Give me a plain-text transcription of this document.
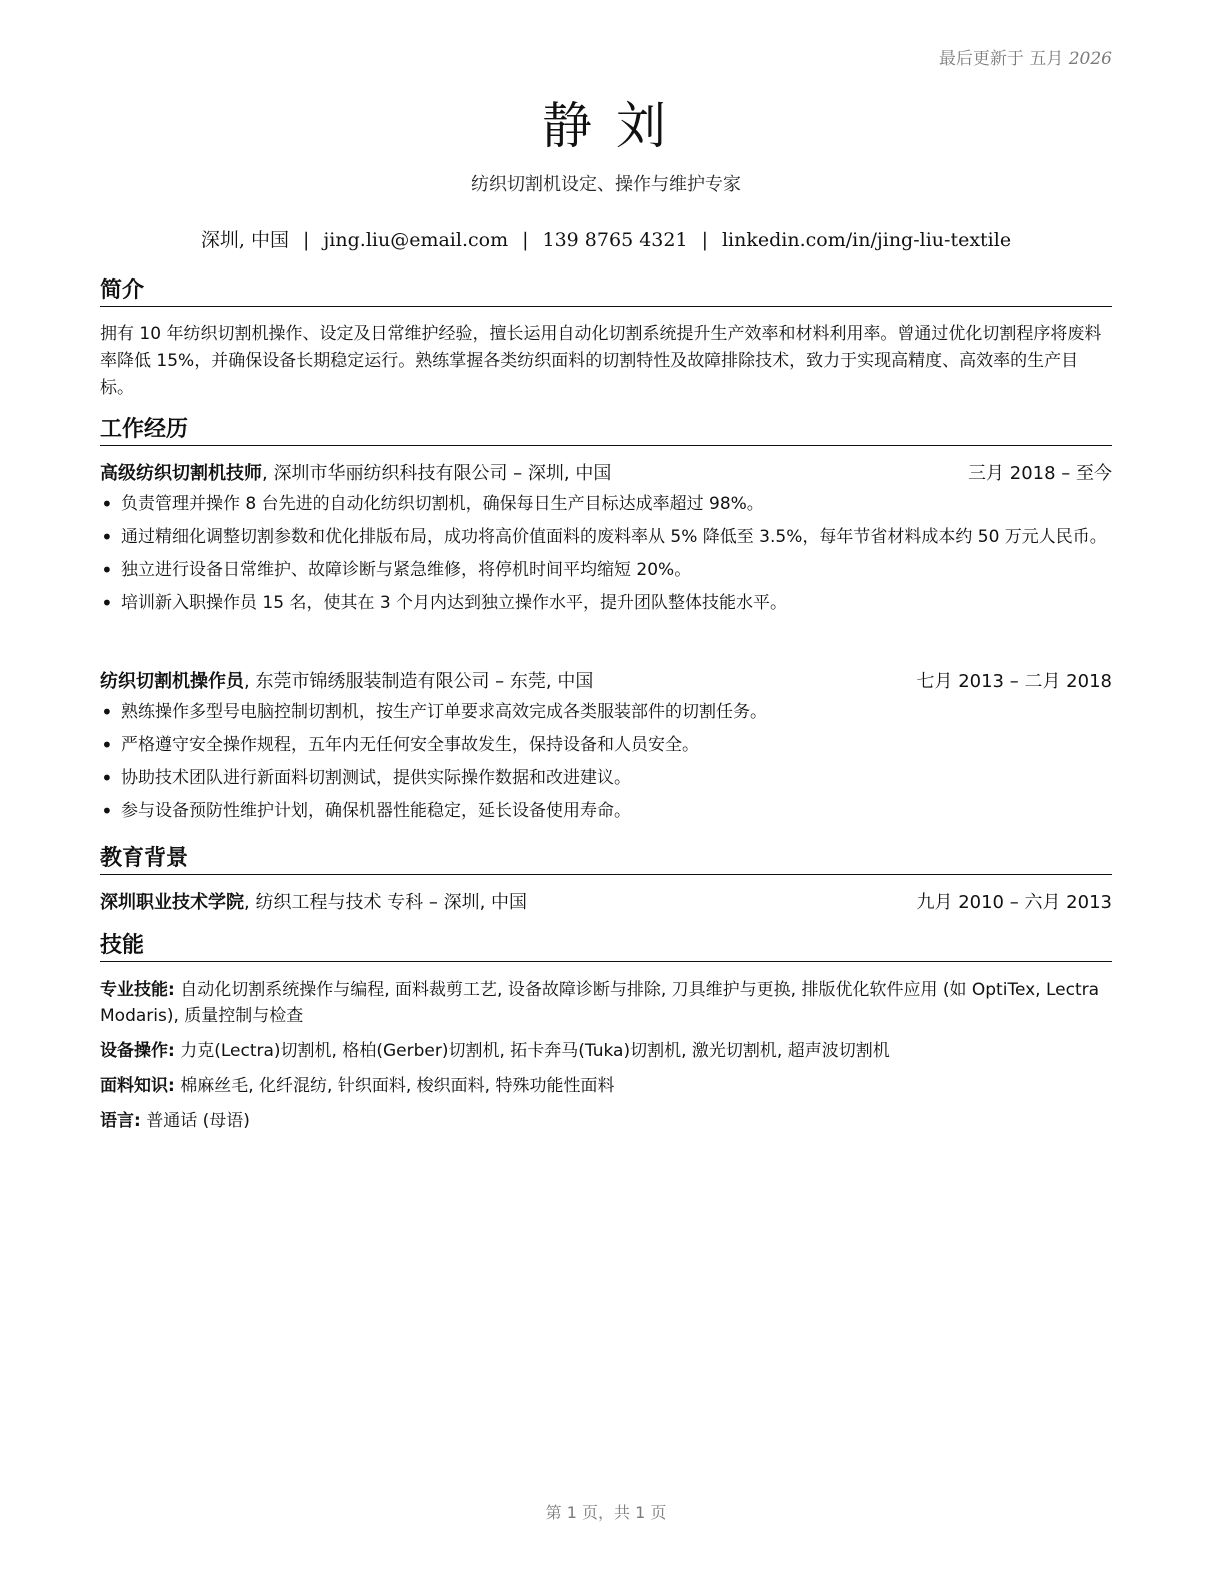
最后更新于 五月 2026
静 刘
纺织切割机设定、操作与维护专家
深圳, 中国 | jing.liu@email.com | 139 8765 4321 | linkedin.com/in/jing-liu-textile
简介
拥有 10 年纺织切割机操作、设定及日常维护经验，擅长运用自动化切割系统提升生产效率和材料利用率。曾通过优化切割程序将废料率降低 15%，并确保设备长期稳定运行。熟练掌握各类纺织面料的切割特性及故障排除技术，致力于实现高精度、高效率的生产目标。
工作经历
高级纺织切割机技师, 深圳市华丽纺织科技有限公司 – 深圳, 中国	三月 2018 – 至今
• 负责管理并操作 8 台先进的自动化纺织切割机，确保每日生产目标达成率超过 98%。
• 通过精细化调整切割参数和优化排版布局，成功将高价值面料的废料率从 5% 降低至 3.5%，每年节省材料成本约 50 万元人民币。
• 独立进行设备日常维护、故障诊断与紧急维修，将停机时间平均缩短 20%。
• 培训新入职操作员 15 名，使其在 3 个月内达到独立操作水平，提升团队整体技能水平。
纺织切割机操作员, 东莞市锦绣服装制造有限公司 – 东莞, 中国	七月 2013 – 二月 2018
• 熟练操作多型号电脑控制切割机，按生产订单要求高效完成各类服装部件的切割任务。
• 严格遵守安全操作规程，五年内无任何安全事故发生，保持设备和人员安全。
• 协助技术团队进行新面料切割测试，提供实际操作数据和改进建议。
• 参与设备预防性维护计划，确保机器性能稳定，延长设备使用寿命。
教育背景
深圳职业技术学院, 纺织工程与技术 专科 – 深圳, 中国	九月 2010 – 六月 2013
技能
专业技能: 自动化切割系统操作与编程, 面料裁剪工艺, 设备故障诊断与排除, 刀具维护与更换, 排版优化软件应用 (如 OptiTex, Lectra Modaris), 质量控制与检查
设备操作: 力克(Lectra)切割机, 格柏(Gerber)切割机, 拓卡奔马(Tuka)切割机, 激光切割机, 超声波切割机
面料知识: 棉麻丝毛, 化纤混纺, 针织面料, 梭织面料, 特殊功能性面料
语言: 普通话 (母语)
第 1 页，共 1 页
